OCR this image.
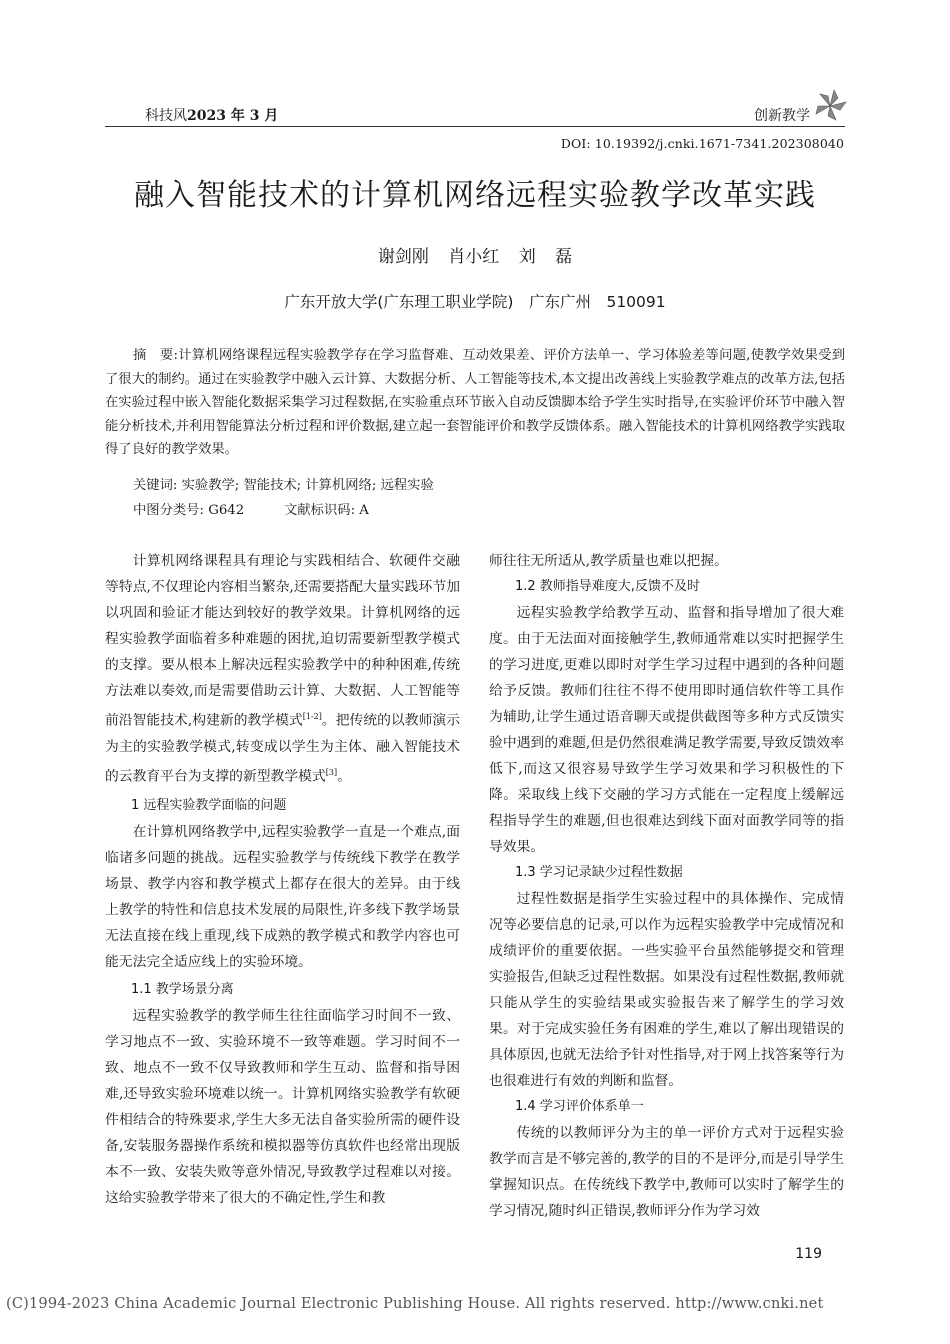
科技风2023 年 3 月	创新教学
DOI: 10.19392/j.cnki.1671-7341.202308040
融入智能技术的计算机网络远程实验教学改革实践
谢剑刚 肖小红 刘 磊
广东开放大学(广东理工职业学院)　广东广州　510091
摘　要:计算机网络课程远程实验教学存在学习监督难、互动效果差、评价方法单一、学习体验差等问题,使教学效果受到了很大的制约。通过在实验教学中融入云计算、大数据分析、人工智能等技术,本文提出改善线上实验教学难点的改革方法,包括在实验过程中嵌入智能化数据采集学习过程数据,在实验重点环节嵌入自动反馈脚本给予学生实时指导,在实验评价环节中融入智能分析技术,并利用智能算法分析过程和评价数据,建立起一套智能评价和教学反馈体系。融入智能技术的计算机网络教学实践取得了良好的教学效果。
关键词: 实验教学; 智能技术; 计算机网络; 远程实验
中图分类号: G642　　　文献标识码: A

计算机网络课程具有理论与实践相结合、软硬件交融等特点,不仅理论内容相当繁杂,还需要搭配大量实践环节加以巩固和验证才能达到较好的教学效果。计算机网络的远程实验教学面临着多种难题的困扰,迫切需要新型教学模式的支撑。要从根本上解决远程实验教学中的种种困难,传统方法难以奏效,而是需要借助云计算、大数据、人工智能等前沿智能技术,构建新的教学模式[1-2]。把传统的以教师演示为主的实验教学模式,转变成以学生为主体、融入智能技术的云教育平台为支撑的新型教学模式[3]。

1 远程实验教学面临的问题

在计算机网络教学中,远程实验教学一直是一个难点,面临诸多问题的挑战。远程实验教学与传统线下教学在教学场景、教学内容和教学模式上都存在很大的差异。由于线上教学的特性和信息技术发展的局限性,许多线下教学场景无法直接在线上重现,线下成熟的教学模式和教学内容也可能无法完全适应线上的实验环境。

1.1 教学场景分离

远程实验教学的教学师生往往面临学习时间不一致、学习地点不一致、实验环境不一致等难题。学习时间不一致、地点不一致不仅导致教师和学生互动、监督和指导困难,还导致实验环境难以统一。计算机网络实验教学有软硬件相结合的特殊要求,学生大多无法自备实验所需的硬件设备,安装服务器操作系统和模拟器等仿真软件也经常出现版本不一致、安装失败等意外情况,导致教学过程难以对接。这给实验教学带来了很大的不确定性,学生和教

师往往无所适从,教学质量也难以把握。

1.2 教师指导难度大,反馈不及时

远程实验教学给教学互动、监督和指导增加了很大难度。由于无法面对面接触学生,教师通常难以实时把握学生的学习进度,更难以即时对学生学习过程中遇到的各种问题给予反馈。教师们往往不得不使用即时通信软件等工具作为辅助,让学生通过语音聊天或提供截图等多种方式反馈实验中遇到的难题,但是仍然很难满足教学需要,导致反馈效率低下,而这又很容易导致学生学习效果和学习积极性的下降。采取线上线下交融的学习方式能在一定程度上缓解远程指导学生的难题,但也很难达到线下面对面教学同等的指导效果。

1.3 学习记录缺少过程性数据

过程性数据是指学生实验过程中的具体操作、完成情况等必要信息的记录,可以作为远程实验教学中完成情况和成绩评价的重要依据。一些实验平台虽然能够提交和管理实验报告,但缺乏过程性数据。如果没有过程性数据,教师就只能从学生的实验结果或实验报告来了解学生的学习效果。对于完成实验任务有困难的学生,难以了解出现错误的具体原因,也就无法给予针对性指导,对于网上找答案等行为也很难进行有效的判断和监督。

1.4 学习评价体系单一

传统的以教师评分为主的单一评价方式对于远程实验教学而言是不够完善的,教学的目的不是评分,而是引导学生掌握知识点。在传统线下教学中,教师可以实时了解学生的学习情况,随时纠正错误,教师评分作为学习效

119
(C)1994-2023 China Academic Journal Electronic Publishing House. All rights reserved. http://www.cnki.net
